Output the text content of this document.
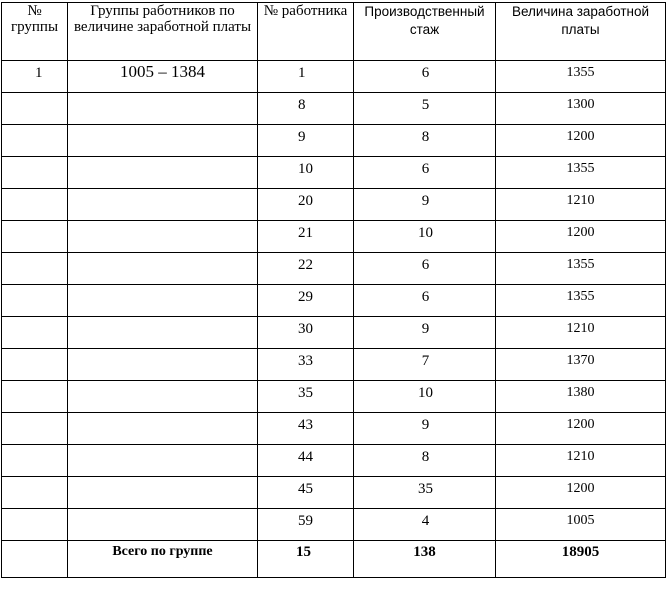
№ группы	Группы работников по величине заработной платы	№ работника	Производственный стаж	Величина заработной платы
1	1005 – 1384	1	6	1355
		8	5	1300
		9	8	1200
		10	6	1355
		20	9	1210
		21	10	1200
		22	6	1355
		29	6	1355
		30	9	1210
		33	7	1370
		35	10	1380
		43	9	1200
		44	8	1210
		45	35	1200
		59	4	1005
	Всего по группе	15	138	18905
